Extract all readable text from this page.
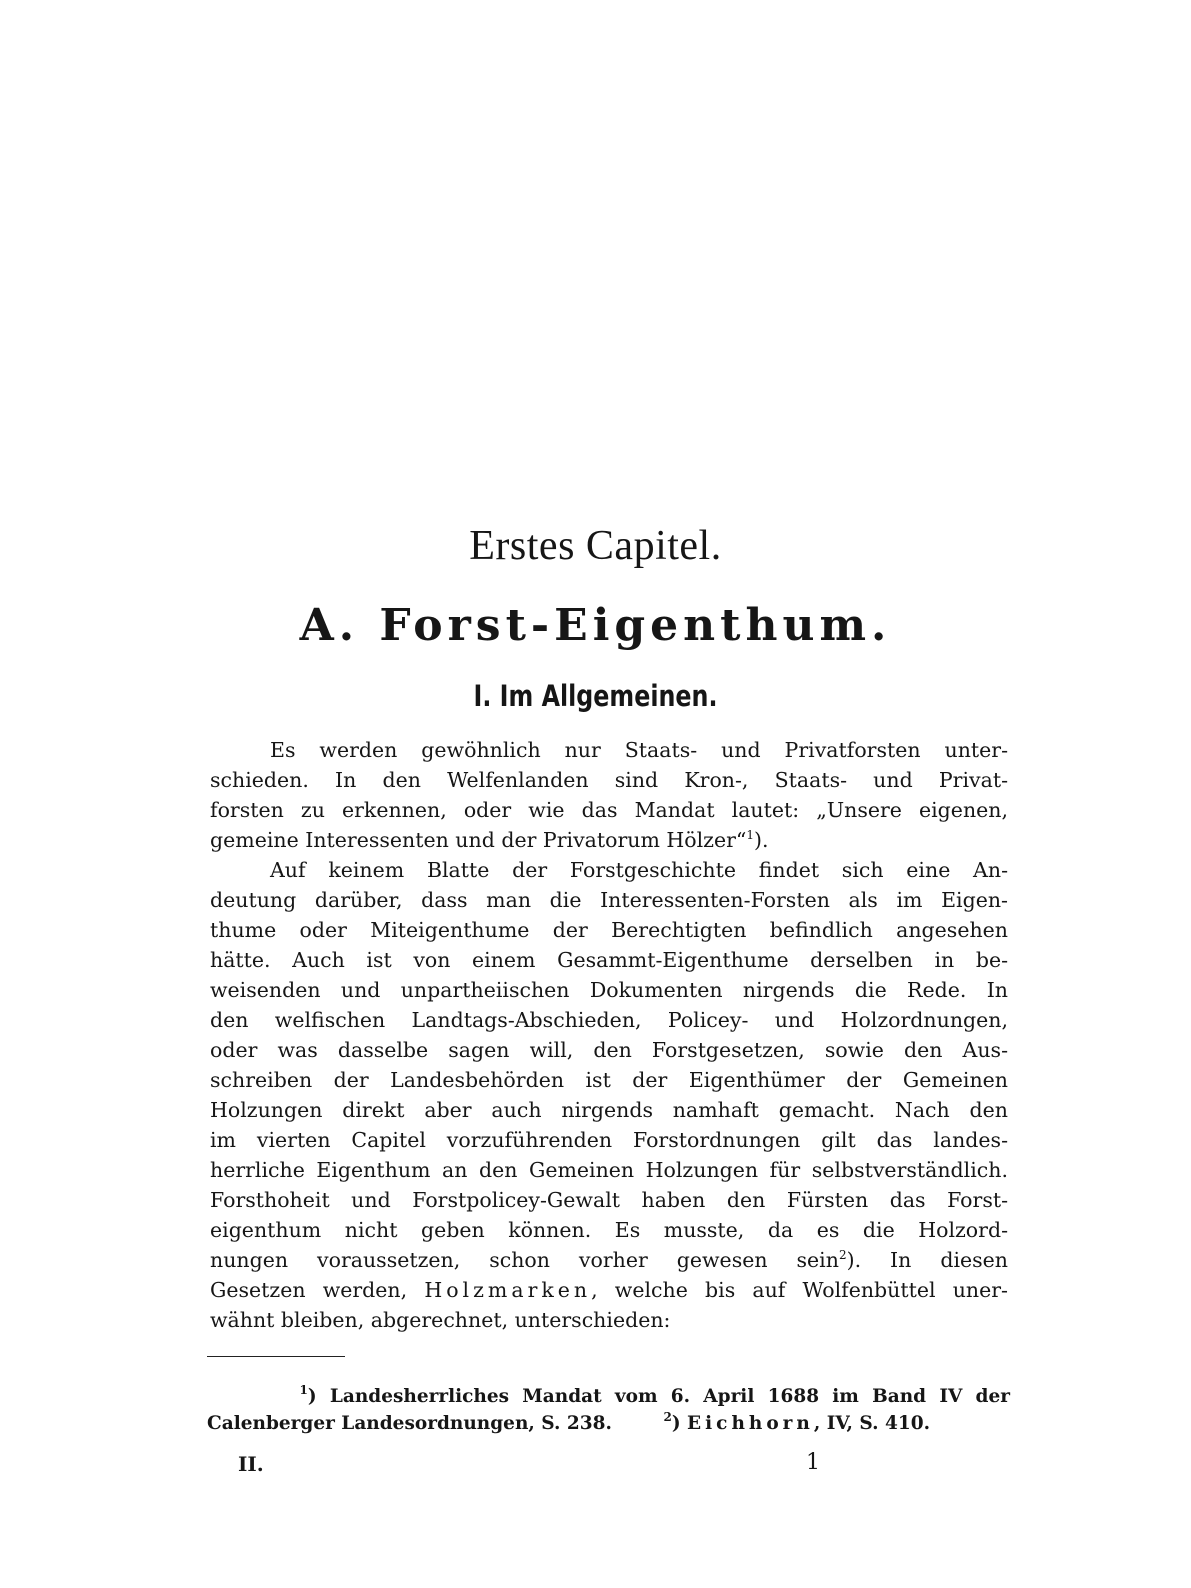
Erstes Capitel.
A. Forst-Eigenthum.
I. Im Allgemeinen.
Es werden gewöhnlich nur Staats- und Privatforsten unter-
schieden. In den Welfenlanden sind Kron-, Staats- und Privat-
forsten zu erkennen, oder wie das Mandat lautet: „Unsere eigenen,
gemeine Interessenten und der Privatorum Hölzer“$^1$).
Auf keinem Blatte der Forstgeschichte findet sich eine An-
deutung darüber, dass man die Interessenten-Forsten als im Eigen-
thume oder Miteigenthume der Berechtigten befindlich angesehen
hätte. Auch ist von einem Gesammt-Eigenthume derselben in be-
weisenden und unpartheiischen Dokumenten nirgends die Rede. In
den welfischen Landtags-Abschieden, Policey- und Holzordnungen,
oder was dasselbe sagen will, den Forstgesetzen, sowie den Aus-
schreiben der Landesbehörden ist der Eigenthümer der Gemeinen
Holzungen direkt aber auch nirgends namhaft gemacht. Nach den
im vierten Capitel vorzuführenden Forstordnungen gilt das landes-
herrliche Eigenthum an den Gemeinen Holzungen für selbstverständlich.
Forsthoheit und Forstpolicey-Gewalt haben den Fürsten das Forst-
eigenthum nicht geben können. Es musste, da es die Holzord-
nungen voraussetzen, schon vorher gewesen sein$^2$). In diesen
Gesetzen werden, Holzmarken, welche bis auf Wolfenbüttel uner-
wähnt bleiben, abgerechnet, unterschieden:
$^1$) Landesherrliches Mandat vom 6. April 1688 im Band IV der
Calenberger Landesordnungen, S. 238.	$^2$) Eichhorn, IV, S. 410.
II.	1
